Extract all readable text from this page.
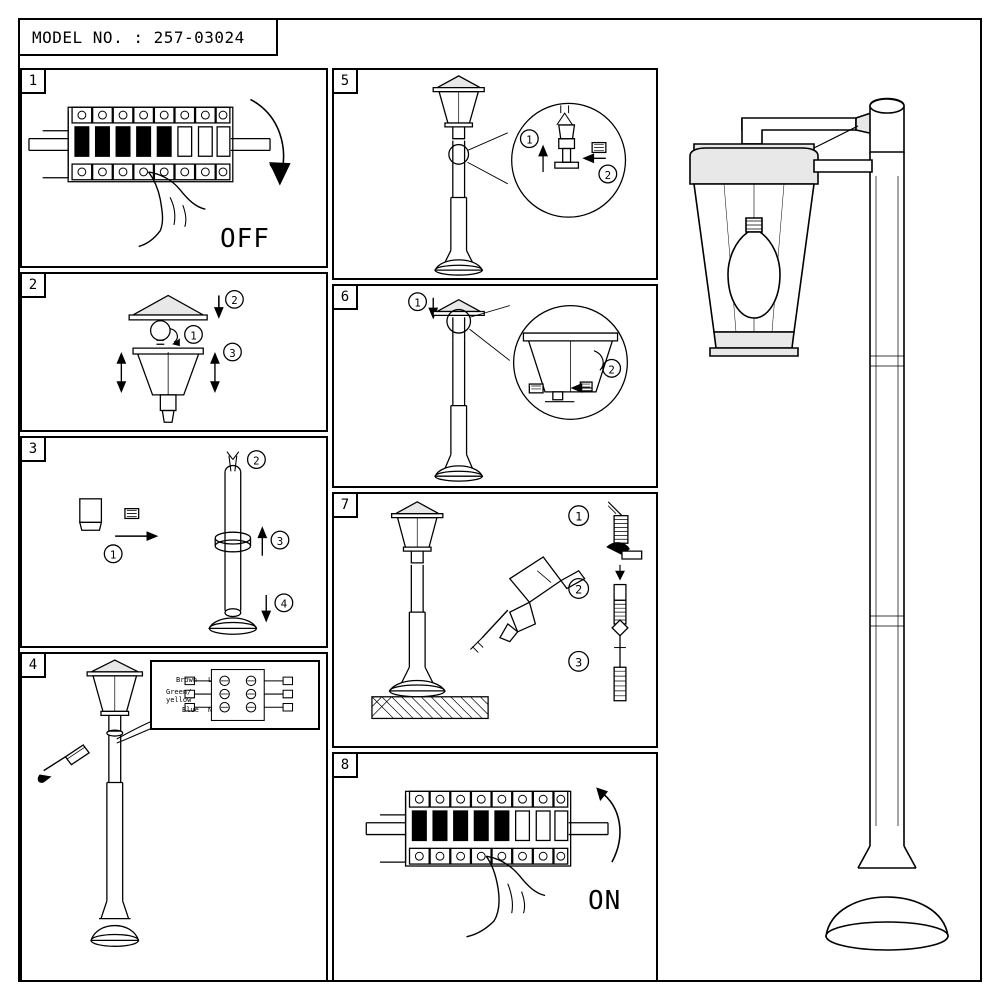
MODEL NO. : 257-03024
1
OFF
2
2
1
3
3
1
2
3
4
4
Brown L
Green/
yellow
Blue N
5
1
2
6	1
2
7
1
2
3
8
ON
